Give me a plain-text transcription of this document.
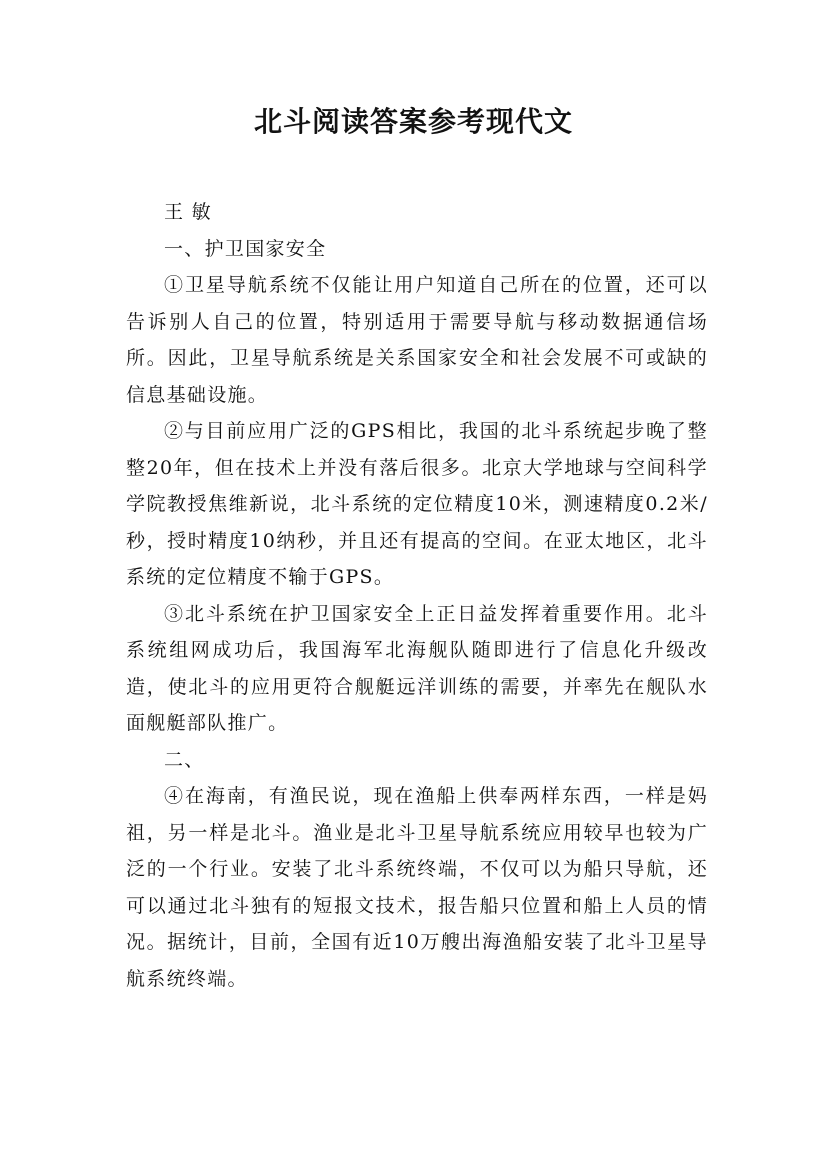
北斗阅读答案参考现代文

王 敏

一、护卫国家安全

①卫星导航系统不仅能让用户知道自己所在的位置，还可以告诉别人自己的位置，特别适用于需要导航与移动数据通信场所。因此，卫星导航系统是关系国家安全和社会发展不可或缺的信息基础设施。

②与目前应用广泛的GPS相比，我国的北斗系统起步晚了整整20年，但在技术上并没有落后很多。北京大学地球与空间科学学院教授焦维新说，北斗系统的定位精度10米，测速精度0.2米/秒，授时精度10纳秒，并且还有提高的空间。在亚太地区，北斗系统的定位精度不输于GPS。

③北斗系统在护卫国家安全上正日益发挥着重要作用。北斗系统组网成功后，我国海军北海舰队随即进行了信息化升级改造，使北斗的应用更符合舰艇远洋训练的需要，并率先在舰队水面舰艇部队推广。

二、

④在海南，有渔民说，现在渔船上供奉两样东西，一样是妈祖，另一样是北斗。渔业是北斗卫星导航系统应用较早也较为广泛的一个行业。安装了北斗系统终端，不仅可以为船只导航，还可以通过北斗独有的短报文技术，报告船只位置和船上人员的情况。据统计，目前，全国有近10万艘出海渔船安装了北斗卫星导航系统终端。
